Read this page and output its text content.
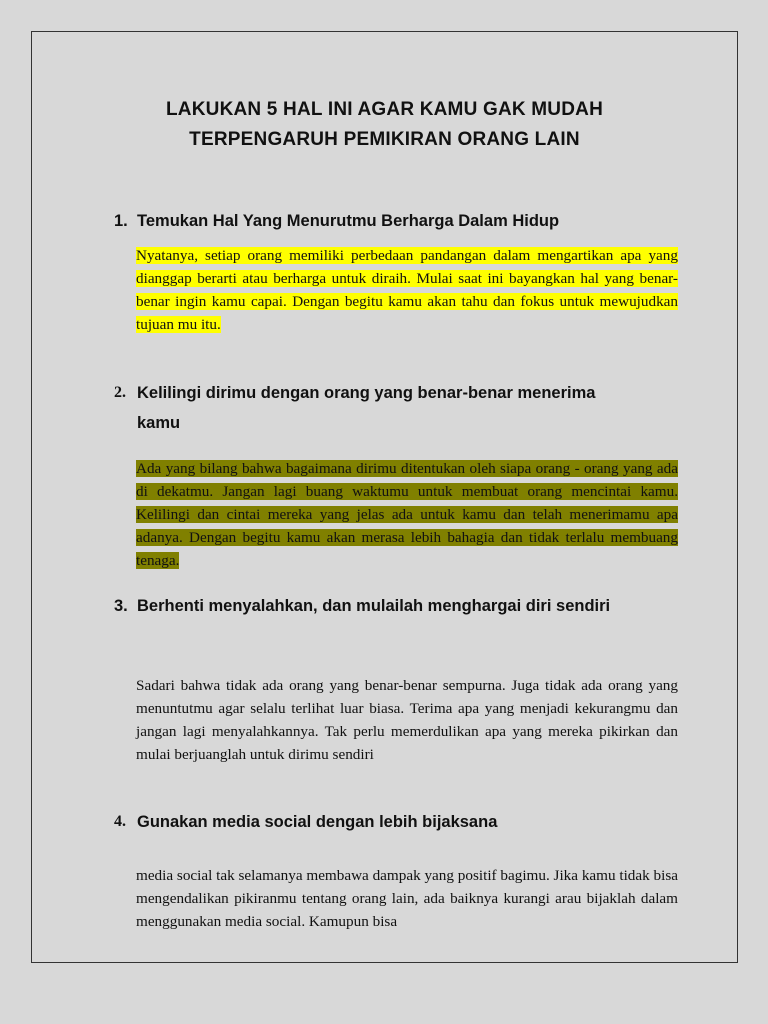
LAKUKAN 5 HAL INI AGAR KAMU GAK MUDAH
TERPENGARUH PEMIKIRAN ORANG LAIN
1. Temukan Hal Yang Menurutmu Berharga Dalam Hidup
Nyatanya, setiap orang memiliki perbedaan pandangan dalam mengartikan apa yang dianggap berarti atau berharga untuk diraih. Mulai saat ini bayangkan hal yang benar-benar ingin kamu capai. Dengan begitu kamu akan tahu dan fokus untuk mewujudkan tujuan mu itu.
2. Kelilingi dirimu dengan orang yang benar-benar menerima kamu
Ada yang bilang bahwa bagaimana dirimu ditentukan oleh siapa orang - orang yang ada di dekatmu. Jangan lagi buang waktumu untuk membuat orang mencintai kamu. Kelilingi dan cintai mereka yang jelas ada untuk kamu dan telah menerimamu apa adanya. Dengan begitu kamu akan merasa lebih bahagia dan tidak terlalu membuang tenaga.
3. Berhenti menyalahkan, dan mulailah menghargai diri sendiri
Sadari bahwa tidak ada orang yang benar-benar sempurna. Juga tidak ada orang yang menuntutmu agar selalu terlihat luar biasa. Terima apa yang menjadi kekurangmu dan jangan lagi menyalahkannya. Tak perlu memerdulikan apa yang mereka pikirkan dan mulai berjuanglah untuk dirimu sendiri
4. Gunakan media social dengan lebih bijaksana
media social tak selamanya membawa dampak yang positif bagimu. Jika kamu tidak bisa mengendalikan pikiranmu tentang orang lain, ada baiknya kurangi arau bijaklah dalam menggunakan media social. Kamupun bisa
